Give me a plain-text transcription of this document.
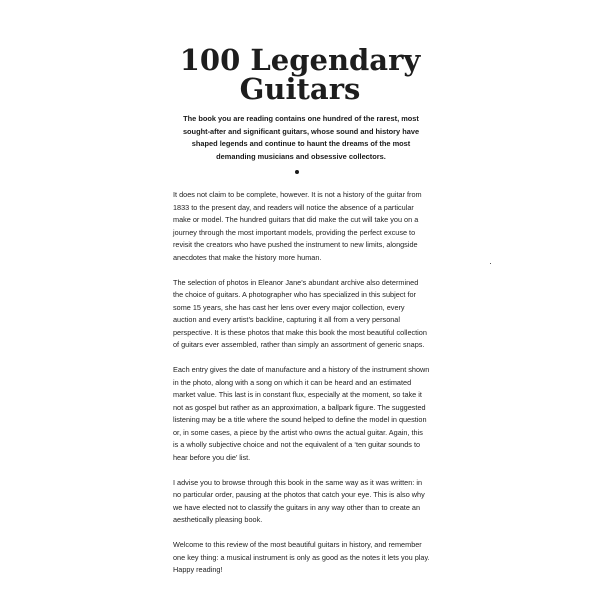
100 Legendary
Guitars

The book you are reading contains one hundred of the rarest, most sought-after and significant guitars, whose sound and history have shaped legends and continue to haunt the dreams of the most demanding musicians and obsessive collectors.

It does not claim to be complete, however. It is not a history of the guitar from 1833 to the present day, and readers will notice the absence of a particular make or model. The hundred guitars that did make the cut will take you on a journey through the most important models, providing the perfect excuse to revisit the creators who have pushed the instrument to new limits, alongside anecdotes that make the history more human.

The selection of photos in Eleanor Jane’s abundant archive also determined the choice of guitars. A photographer who has specialized in this subject for some 15 years, she has cast her lens over every major collection, every auction and every artist’s backline, capturing it all from a very personal perspective. It is these photos that make this book the most beautiful collection of guitars ever assembled, rather than simply an assortment of generic snaps.

Each entry gives the date of manufacture and a history of the instrument shown in the photo, along with a song on which it can be heard and an estimated market value. This last is in constant flux, especially at the moment, so take it not as gospel but rather as an approximation, a ballpark figure. The suggested listening may be a title where the sound helped to define the model in question or, in some cases, a piece by the artist who owns the actual guitar. Again, this is a wholly subjective choice and not the equivalent of a ‘ten guitar sounds to hear before you die’ list.

I advise you to browse through this book in the same way as it was written: in no particular order, pausing at the photos that catch your eye. This is also why we have elected not to classify the guitars in any way other than to create an aesthetically pleasing book.

Welcome to this review of the most beautiful guitars in history, and remember one key thing: a musical instrument is only as good as the notes it lets you play. Happy reading!
